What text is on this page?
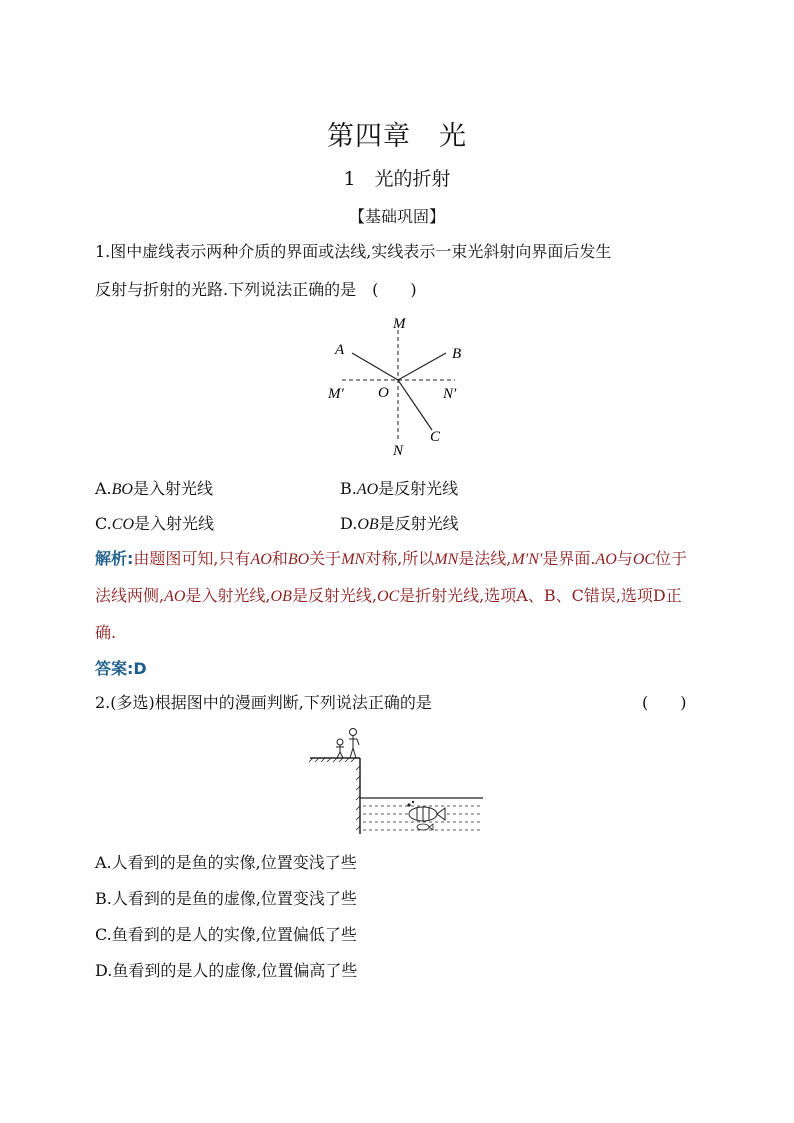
第四章　光
1　光的折射
【基础巩固】
1.图中虚线表示两种介质的界面或法线,实线表示一束光斜射向界面后发生
反射与折射的光路.下列说法正确的是　(　　)
M
A	B
M′ O	N′
C
N
A.BO是入射光线	B.AO是反射光线
C.CO是入射光线	D.OB是反射光线
解析:由题图可知,只有AO和BO关于MN对称,所以MN是法线,M′N′是界面.AO与OC位于法线两侧,AO是入射光线,OB是反射光线,OC是折射光线,选项A、B、C错误,选项D正确.
答案:D
2.(多选)根据图中的漫画判断,下列说法正确的是	(　　)
A.人看到的是鱼的实像,位置变浅了些
B.人看到的是鱼的虚像,位置变浅了些
C.鱼看到的是人的实像,位置偏低了些
D.鱼看到的是人的虚像,位置偏高了些
